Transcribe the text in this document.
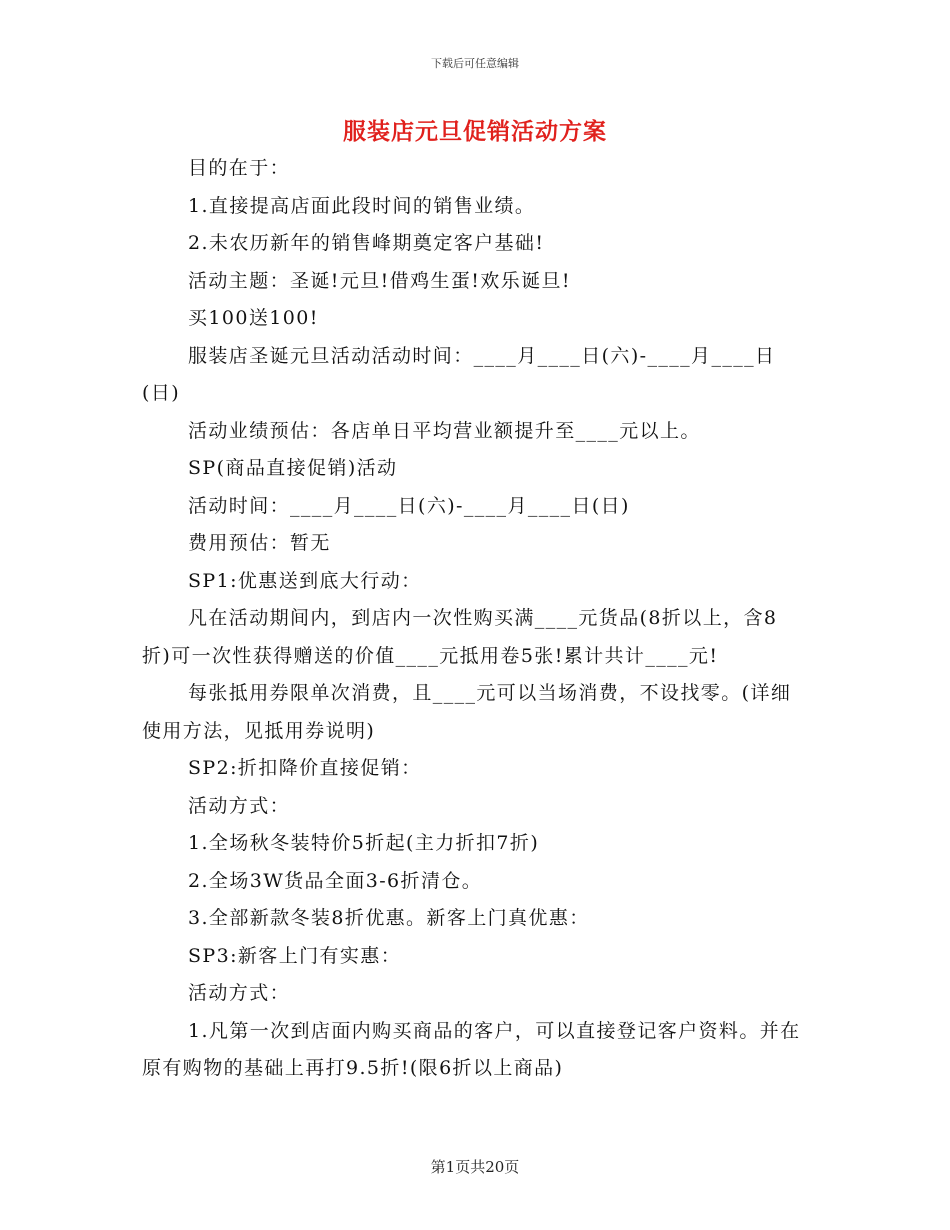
下载后可任意编辑
服装店元旦促销活动方案

目的在于：

1.直接提高店面此段时间的销售业绩。

2.未农历新年的销售峰期奠定客户基础!

活动主题：圣诞!元旦!借鸡生蛋!欢乐诞旦!

买100送100!

服装店圣诞元旦活动活动时间：____月____日(六)-____月____日(日)

活动业绩预估：各店单日平均营业额提升至____元以上。

SP(商品直接促销)活动

活动时间：____月____日(六)-____月____日(日)

费用预估：暂无

SP1:优惠送到底大行动：

凡在活动期间内，到店内一次性购买满____元货品(8折以上，含8折)可一次性获得赠送的价值____元抵用卷5张!累计共计____元!

每张抵用券限单次消费，且____元可以当场消费，不设找零。(详细使用方法，见抵用券说明)

SP2:折扣降价直接促销：

活动方式：

1.全场秋冬装特价5折起(主力折扣7折)

2.全场3W货品全面3-6折清仓。

3.全部新款冬装8折优惠。新客上门真优惠：

SP3:新客上门有实惠：

活动方式：

1.凡第一次到店面内购买商品的客户，可以直接登记客户资料。并在原有购物的基础上再打9.5折!(限6折以上商品)

第1页共20页
